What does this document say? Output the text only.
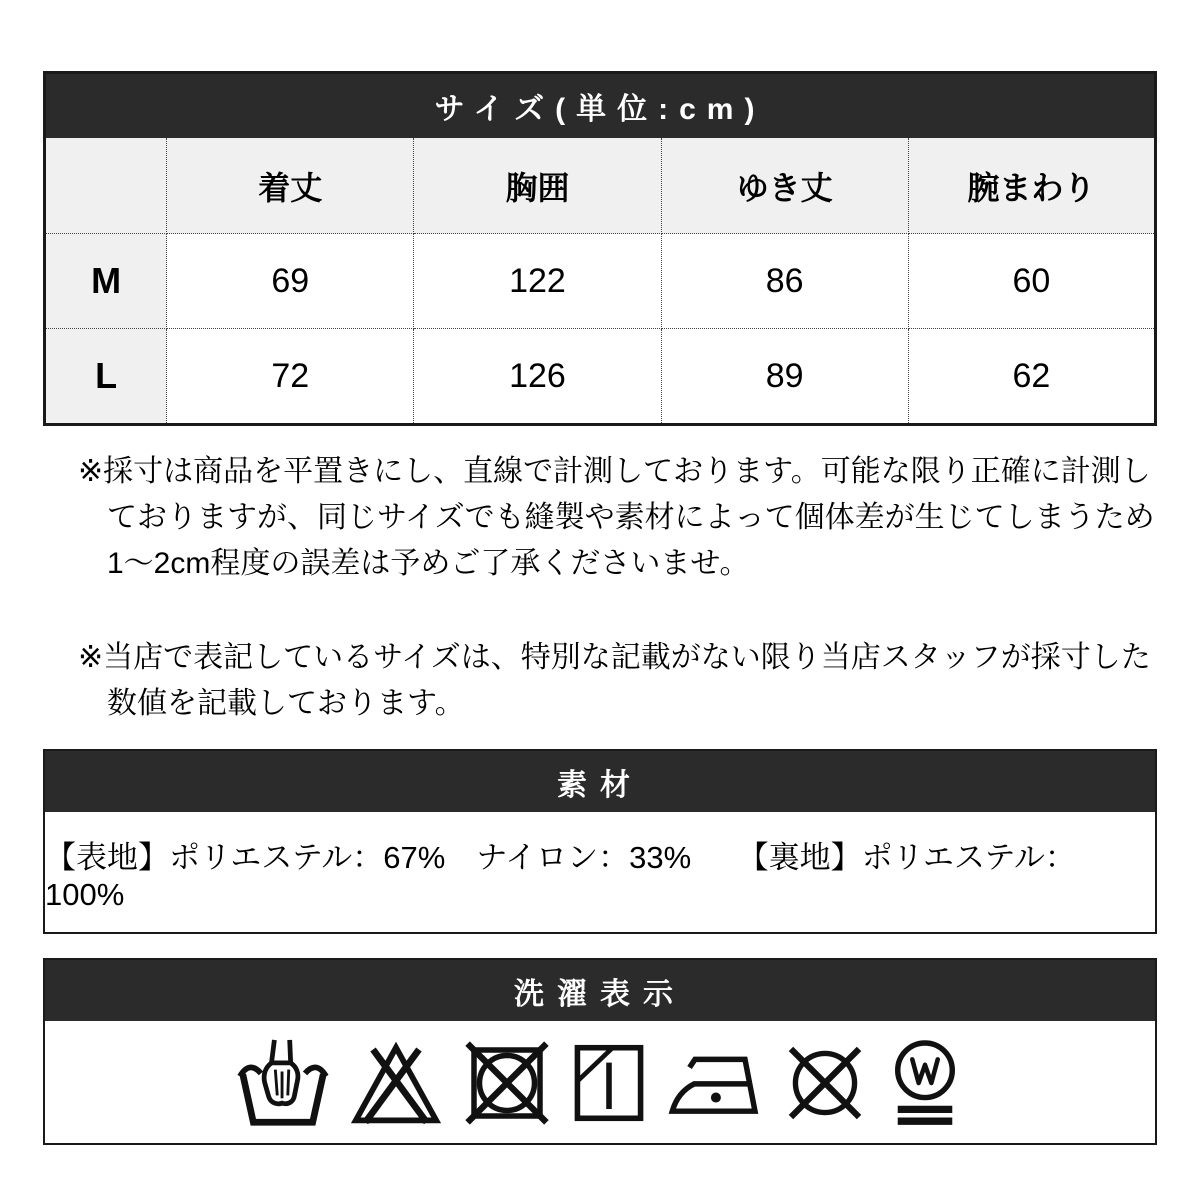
サイズ(単位:cm)				
	着丈	胸囲	ゆき丈	腕まわり
M	69	122	86	60
L	72	126	89	62
※採寸は商品を平置きにし、直線で計測しております。可能な限り正確に計測し
ておりますが、同じサイズでも縫製や素材によって個体差が生じてしまうため
1〜2cm程度の誤差は予めご了承くださいませ。
※当店で表記しているサイズは、特別な記載がない限り当店スタッフが採寸した
数値を記載しております。
素材
【表地】ポリエステル：67%　ナイロン：33%　　【裏地】ポリエステル：100%
洗濯表示
